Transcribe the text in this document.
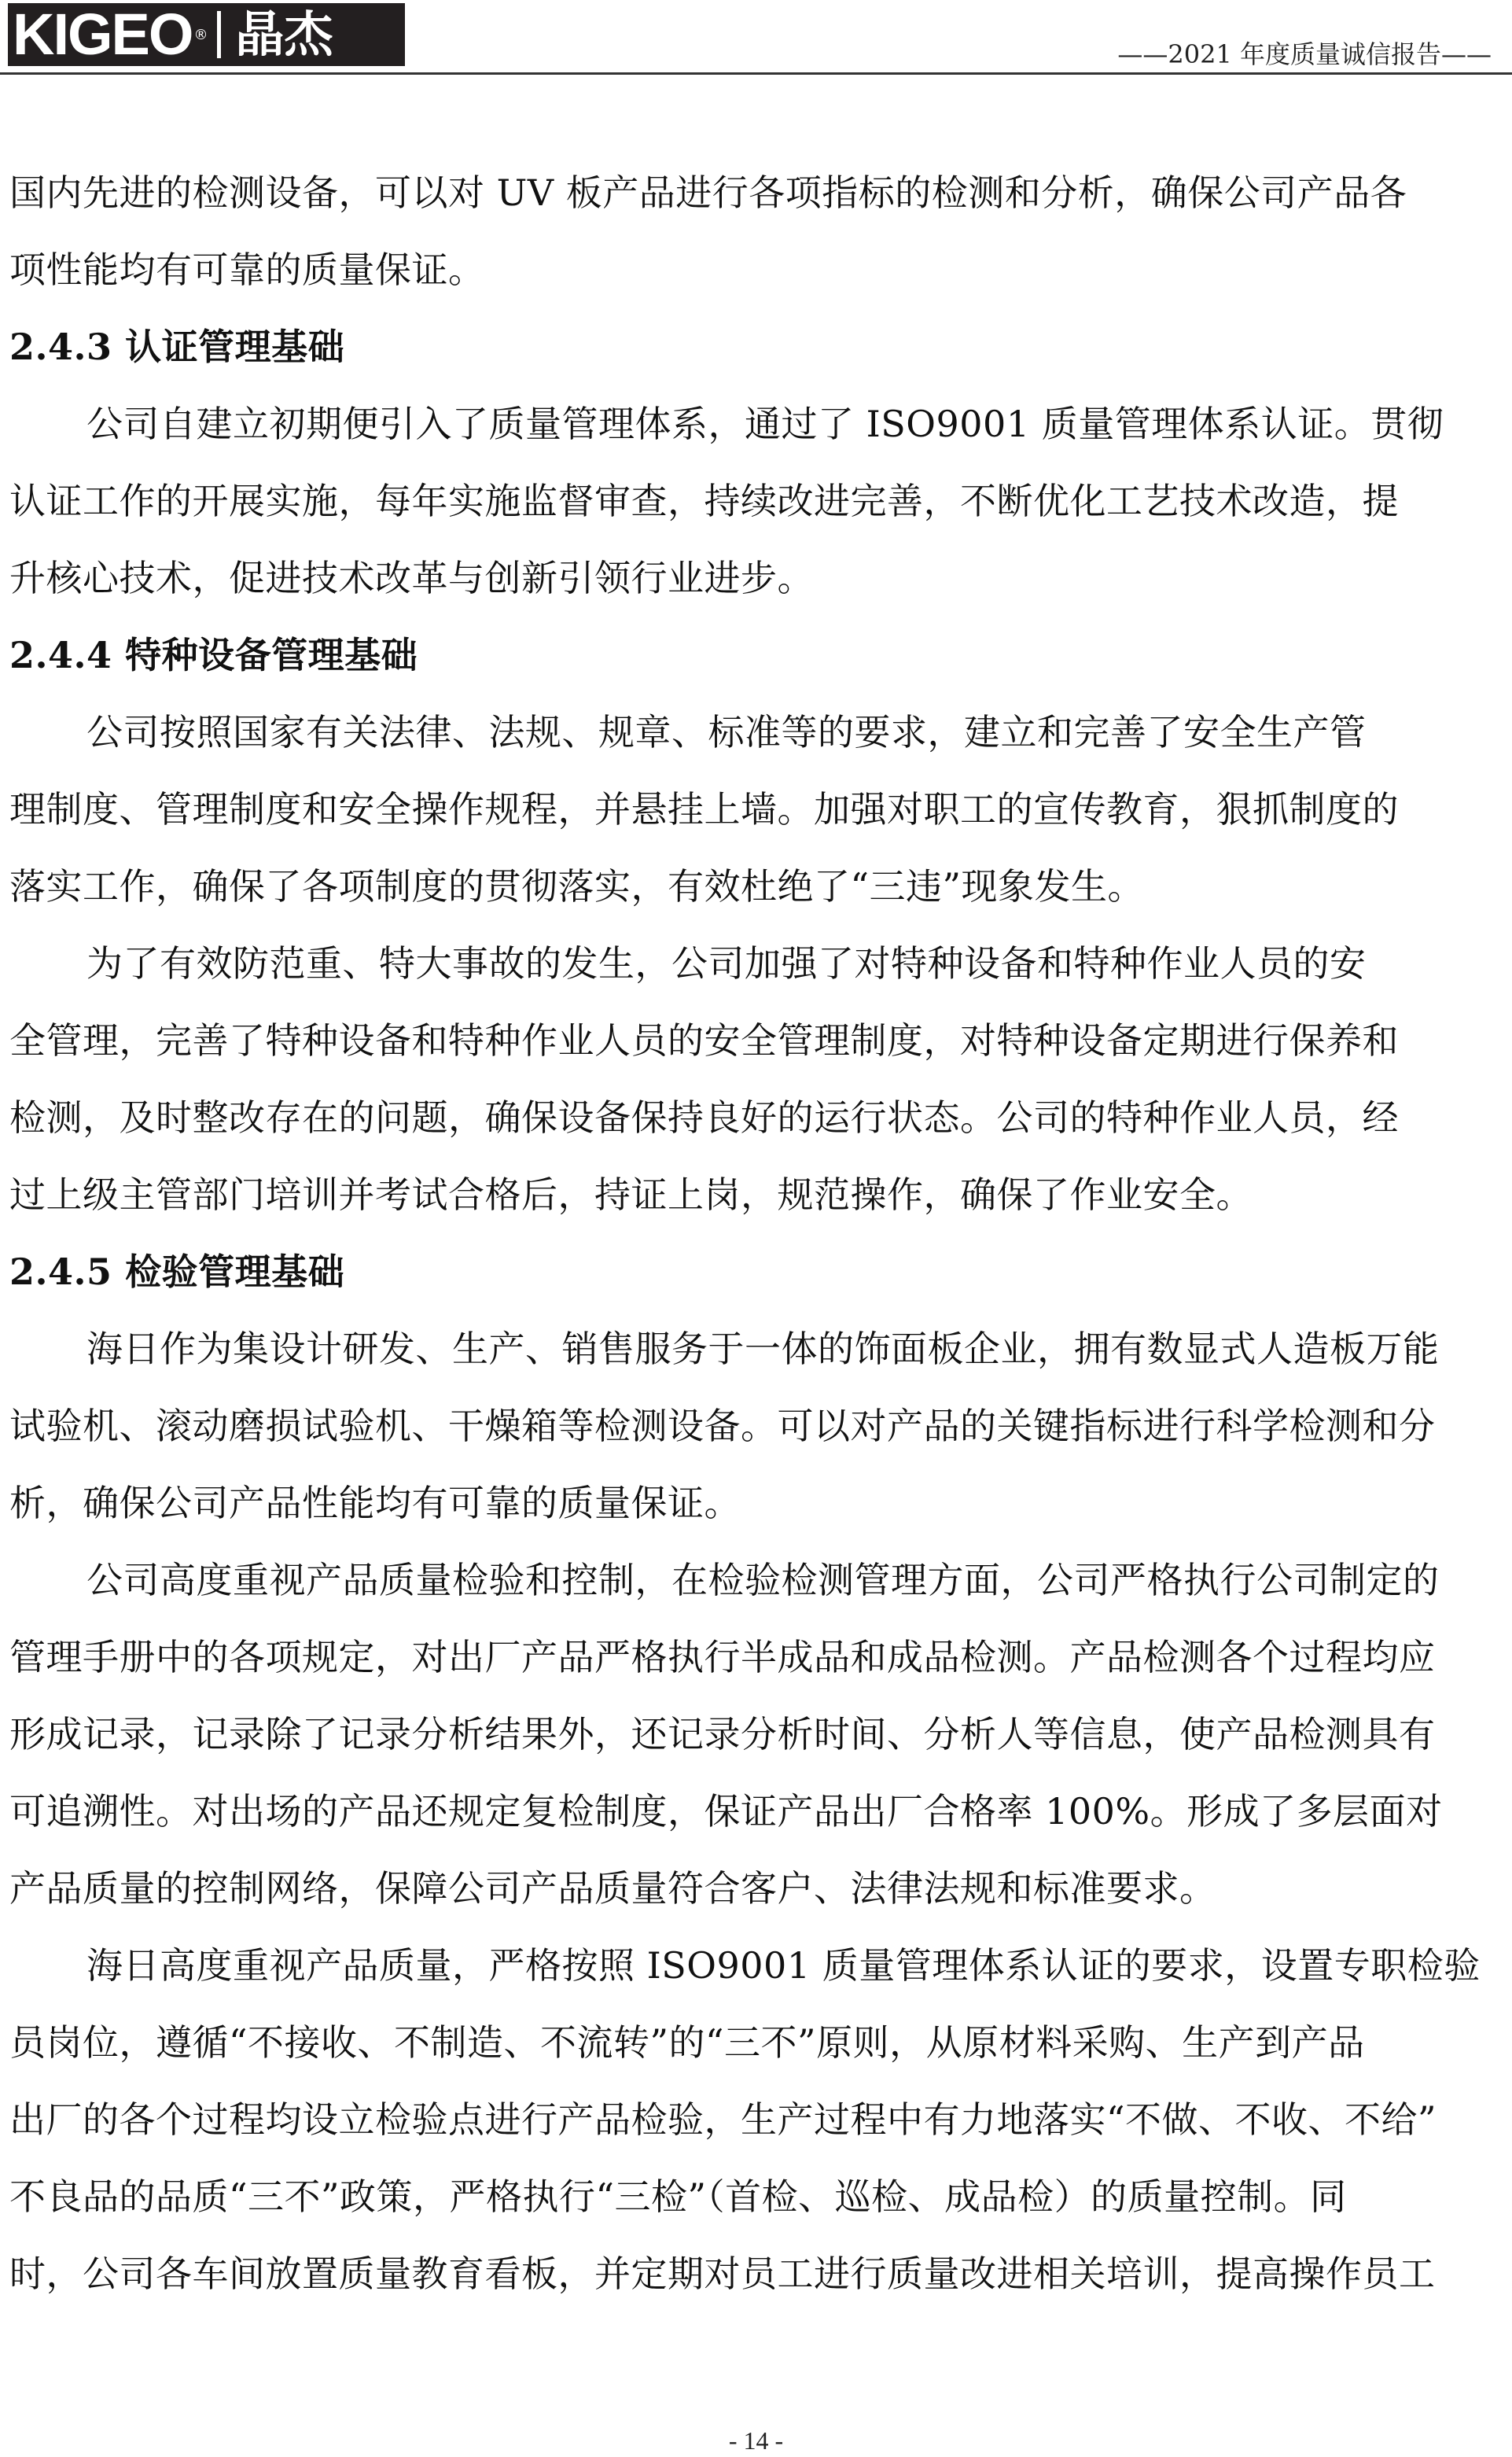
KIGEO ® 晶杰	——2021 年度质量诚信报告——
国内先进的检测设备，可以对 UV 板产品进行各项指标的检测和分析，确保公司产品各
项性能均有可靠的质量保证。
2.4.3 认证管理基础
公司自建立初期便引入了质量管理体系，通过了 ISO9001 质量管理体系认证。贯彻
认证工作的开展实施，每年实施监督审查，持续改进完善，不断优化工艺技术改造，提
升核心技术，促进技术改革与创新引领行业进步。
2.4.4 特种设备管理基础
公司按照国家有关法律、法规、规章、标准等的要求，建立和完善了安全生产管
理制度、管理制度和安全操作规程，并悬挂上墙。加强对职工的宣传教育，狠抓制度的
落实工作，确保了各项制度的贯彻落实，有效杜绝了“三违”现象发生。
为了有效防范重、特大事故的发生，公司加强了对特种设备和特种作业人员的安
全管理，完善了特种设备和特种作业人员的安全管理制度，对特种设备定期进行保养和
检测，及时整改存在的问题，确保设备保持良好的运行状态。公司的特种作业人员，经
过上级主管部门培训并考试合格后，持证上岗，规范操作，确保了作业安全。
2.4.5 检验管理基础
海日作为集设计研发、生产、销售服务于一体的饰面板企业，拥有数显式人造板万能
试验机、滚动磨损试验机、干燥箱等检测设备。可以对产品的关键指标进行科学检测和分
析，确保公司产品性能均有可靠的质量保证。
公司高度重视产品质量检验和控制，在检验检测管理方面，公司严格执行公司制定的
管理手册中的各项规定，对出厂产品严格执行半成品和成品检测。产品检测各个过程均应
形成记录，记录除了记录分析结果外，还记录分析时间、分析人等信息，使产品检测具有
可追溯性。对出场的产品还规定复检制度，保证产品出厂合格率 100%。形成了多层面对
产品质量的控制网络，保障公司产品质量符合客户、法律法规和标准要求。
海日高度重视产品质量，严格按照 ISO9001 质量管理体系认证的要求，设置专职检验
员岗位，遵循“不接收、不制造、不流转”的“三不”原则，从原材料采购、生产到产品
出厂的各个过程均设立检验点进行产品检验，生产过程中有力地落实“不做、不收、不给”
不良品的品质“三不”政策，严格执行“三检”（首检、巡检、成品检）的质量控制。同
时，公司各车间放置质量教育看板，并定期对员工进行质量改进相关培训，提高操作员工
- 14 -
